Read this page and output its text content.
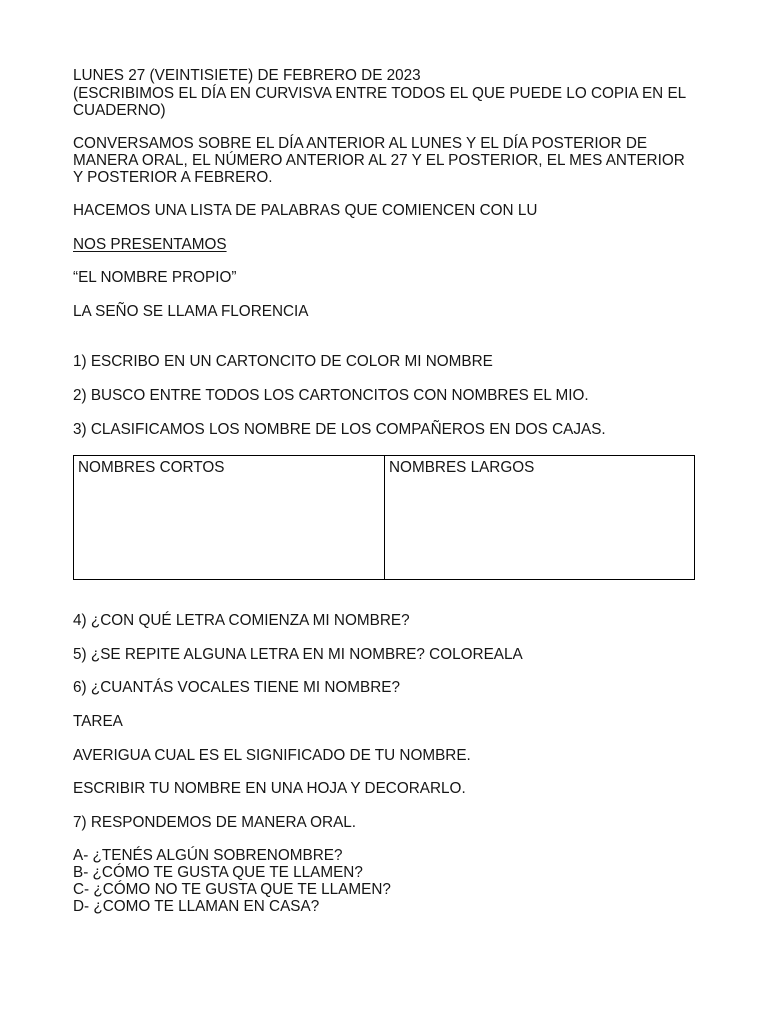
LUNES 27 (VEINTISIETE) DE FEBRERO DE 2023
(ESCRIBIMOS EL DÍA EN CURVISVA ENTRE TODOS EL QUE PUEDE LO COPIA EN EL
CUADERNO)
CONVERSAMOS SOBRE EL DÍA ANTERIOR AL LUNES Y EL DÍA POSTERIOR DE
MANERA ORAL, EL NÚMERO ANTERIOR AL 27 Y EL POSTERIOR, EL MES ANTERIOR
Y POSTERIOR A FEBRERO.
HACEMOS UNA LISTA DE PALABRAS QUE COMIENCEN CON LU
NOS PRESENTAMOS
“EL NOMBRE PROPIO”
LA SEÑO SE LLAMA FLORENCIA
1) ESCRIBO EN UN CARTONCITO DE COLOR MI NOMBRE
2) BUSCO ENTRE TODOS LOS CARTONCITOS CON NOMBRES EL MIO.
3) CLASIFICAMOS LOS NOMBRE DE LOS COMPAÑEROS EN DOS CAJAS.
NOMBRES CORTOS	NOMBRES LARGOS
4) ¿CON QUÉ LETRA COMIENZA MI NOMBRE?
5) ¿SE REPITE ALGUNA LETRA EN MI NOMBRE? COLOREALA
6) ¿CUANTÁS VOCALES TIENE MI NOMBRE?
TAREA
AVERIGUA CUAL ES EL SIGNIFICADO DE TU NOMBRE.
ESCRIBIR TU NOMBRE EN UNA HOJA Y DECORARLO.
7) RESPONDEMOS DE MANERA ORAL.
A- ¿TENÉS ALGÚN SOBRENOMBRE?
B- ¿CÓMO TE GUSTA QUE TE LLAMEN?
C- ¿CÓMO NO TE GUSTA QUE TE LLAMEN?
D- ¿COMO TE LLAMAN EN CASA?
